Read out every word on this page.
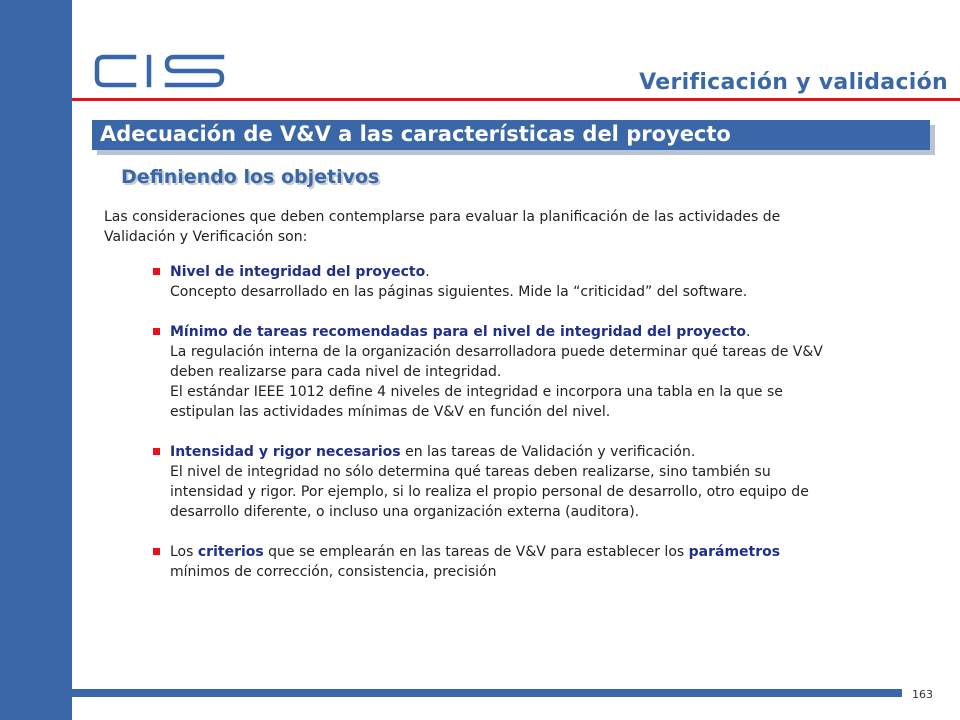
Verificación y validación
Adecuación de V&V a las características del proyecto
Definiendo los objetivos
Las consideraciones que deben contemplarse para evaluar la planificación de las actividades de
Validación y Verificación son:
Nivel de integridad del proyecto.
Concepto desarrollado en las páginas siguientes. Mide la “criticidad” del software.
Mínimo de tareas recomendadas para el nivel de integridad del proyecto.
La regulación interna de la organización desarrolladora puede determinar qué tareas de V&V
deben realizarse para cada nivel de integridad.
El estándar IEEE 1012 define 4 niveles de integridad e incorpora una tabla en la que se
estipulan las actividades mínimas de V&V en función del nivel.
Intensidad y rigor necesarios en las tareas de Validación y verificación.
El nivel de integridad no sólo determina qué tareas deben realizarse, sino también su
intensidad y rigor. Por ejemplo, si lo realiza el propio personal de desarrollo, otro equipo de
desarrollo diferente, o incluso una organización externa (auditora).
Los criterios que se emplearán en las tareas de V&V para establecer los parámetros
mínimos de corrección, consistencia, precisión
163
